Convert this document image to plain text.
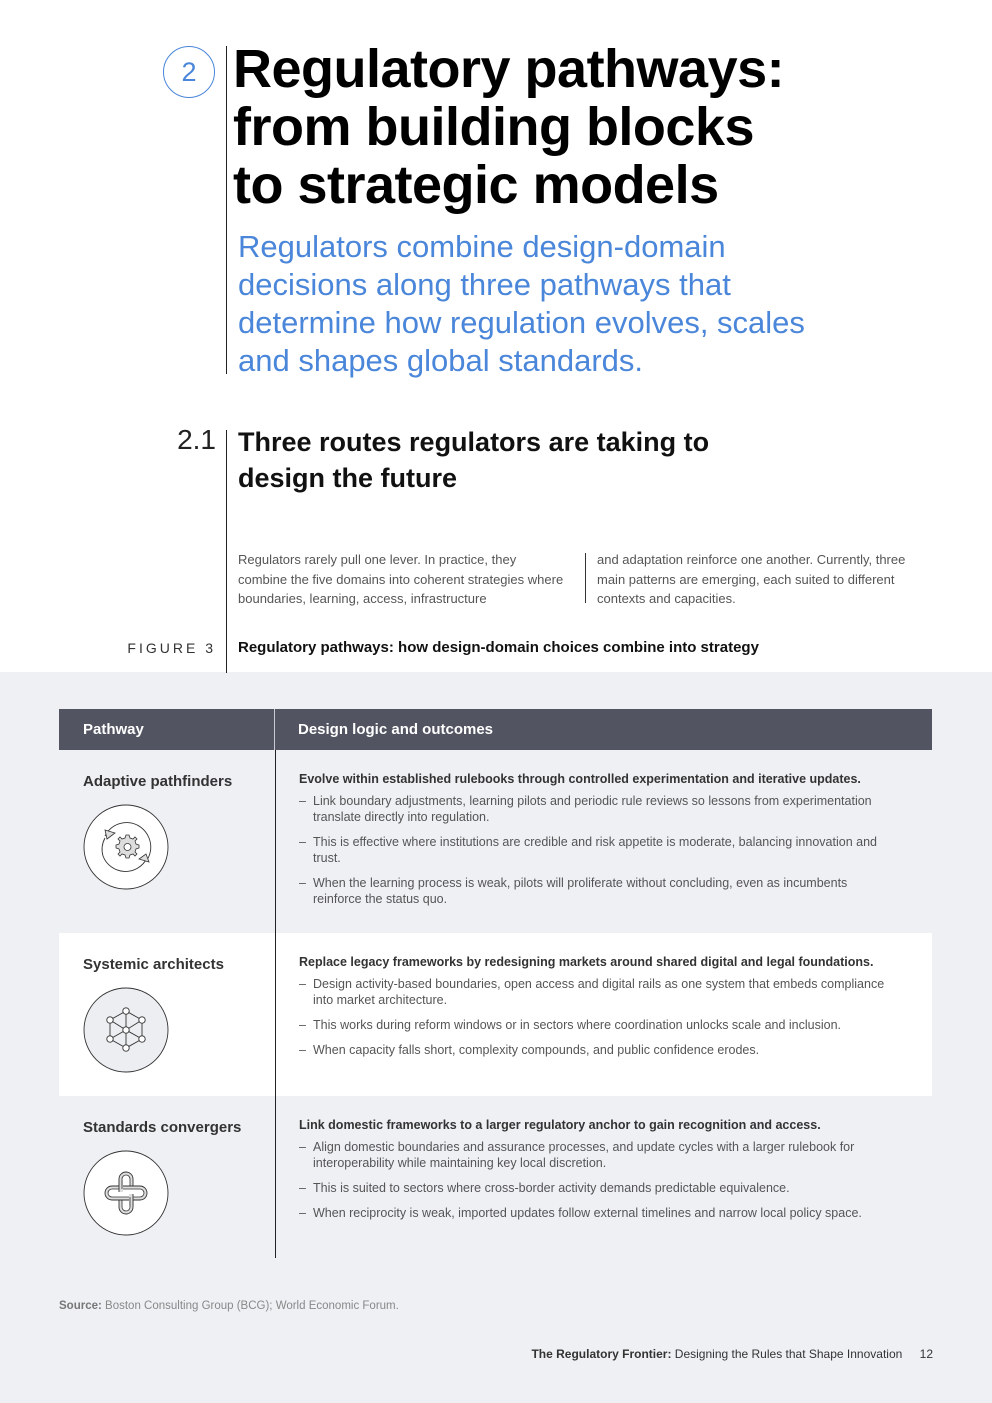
2 Regulatory pathways:
from building blocks
to strategic models

Regulators combine design-domain decisions along three pathways that determine how regulation evolves, scales and shapes global standards.

2.1 Three routes regulators are taking to design the future

Regulators rarely pull one lever. In practice, they combine the five domains into coherent strategies where boundaries, learning, access, infrastructure

and adaptation reinforce one another. Currently, three main patterns are emerging, each suited to different contexts and capacities.

FIGURE 3 Regulatory pathways: how design-domain choices combine into strategy
Pathway	Design logic and outcomes
Adaptive pathfinders	Evolve within established rulebooks through controlled experimentation and iterative updates.
– Link boundary adjustments, learning pilots and periodic rule reviews so lessons from experimentation translate directly into regulation.
– This is effective where institutions are credible and risk appetite is moderate, balancing innovation and trust.
– When the learning process is weak, pilots will proliferate without concluding, even as incumbents reinforce the status quo.
Systemic architects	Replace legacy frameworks by redesigning markets around shared digital and legal foundations.
– Design activity-based boundaries, open access and digital rails as one system that embeds compliance into market architecture.
– This works during reform windows or in sectors where coordination unlocks scale and inclusion.
– When capacity falls short, complexity compounds, and public confidence erodes.
Standards convergers	Link domestic frameworks to a larger regulatory anchor to gain recognition and access.
– Align domestic boundaries and assurance processes, and update cycles with a larger rulebook for interoperability while maintaining key local discretion.
– This is suited to sectors where cross-border activity demands predictable equivalence.
– When reciprocity is weak, imported updates follow external timelines and narrow local policy space.
Source: Boston Consulting Group (BCG); World Economic Forum.
The Regulatory Frontier: Designing the Rules that Shape Innovation 12
